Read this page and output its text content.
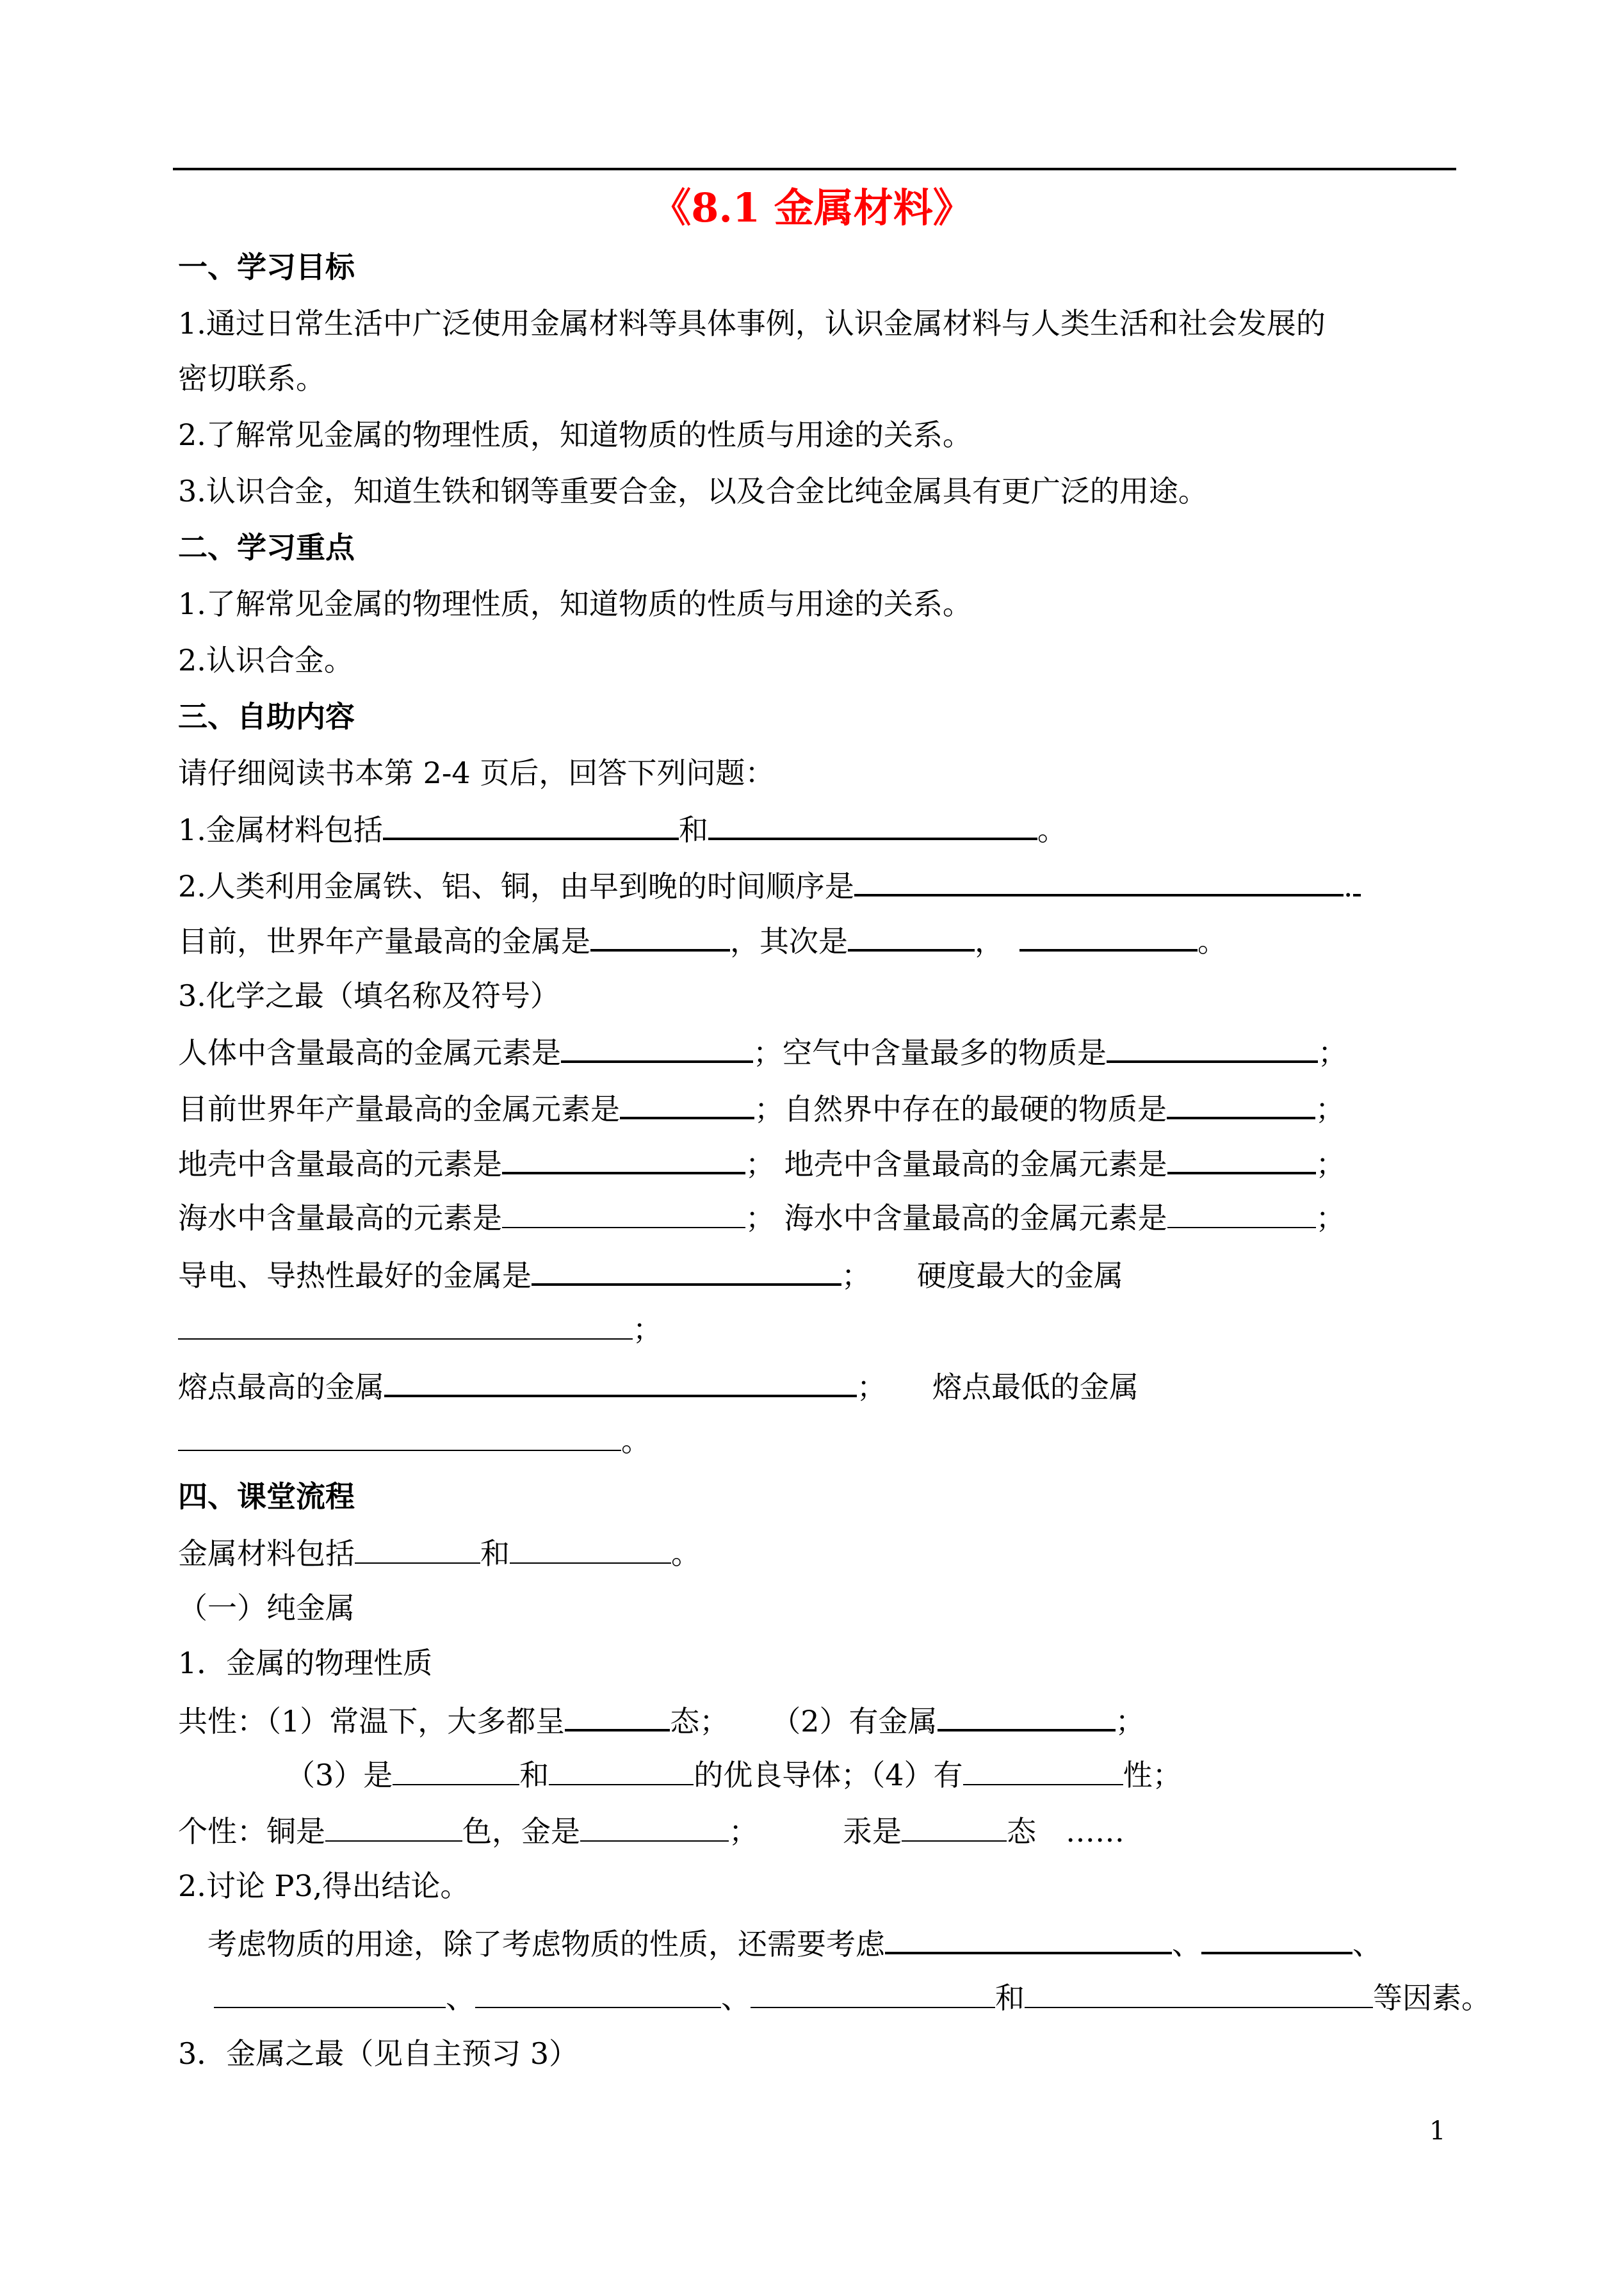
《8.1 金属材料》
一、学习目标
1.通过日常生活中广泛使用金属材料等具体事例，认识金属材料与人类生活和社会发展的
密切联系。
2.了解常见金属的物理性质，知道物质的性质与用途的关系。
3.认识合金，知道生铁和钢等重要合金，以及合金比纯金属具有更广泛的用途。
二、学习重点
1.了解常见金属的物理性质，知道物质的性质与用途的关系。
2.认识合金。
三、自助内容
请仔细阅读书本第 2-4 页后，回答下列问题：
1.金属材料包括	和	。
2.人类利用金属铁、铝、铜，由早到晚的时间顺序是	.
目前，世界年产量最高的金属是	，其次是	，	。
3.化学之最（填名称及符号）
人体中含量最高的金属元素是	；空气中含量最多的物质是	；
目前世界年产量最高的金属元素是	；自然界中存在的最硬的物质是	；
地壳中含量最高的元素是	； 地壳中含量最高的金属元素是	；
海水中含量最高的元素是	； 海水中含量最高的金属元素是	；
导电、导热性最好的金属是	； 硬度最大的金属
；
熔点最高的金属	； 熔点最低的金属
。
四、课堂流程
金属材料包括	和	。
（一）纯金属
1．金属的物理性质
共性：（1）常温下，大多都呈	态； （2）有金属	；
（3）是	和	的优良导体；（4）有	性；
个性：铜是	色，金是	；	汞是	态 ……
2.讨论 P3,得出结论。
考虑物质的用途，除了考虑物质的性质，还需要考虑	、	、
、	、	和	等因素。
3．金属之最（见自主预习 3）
1
